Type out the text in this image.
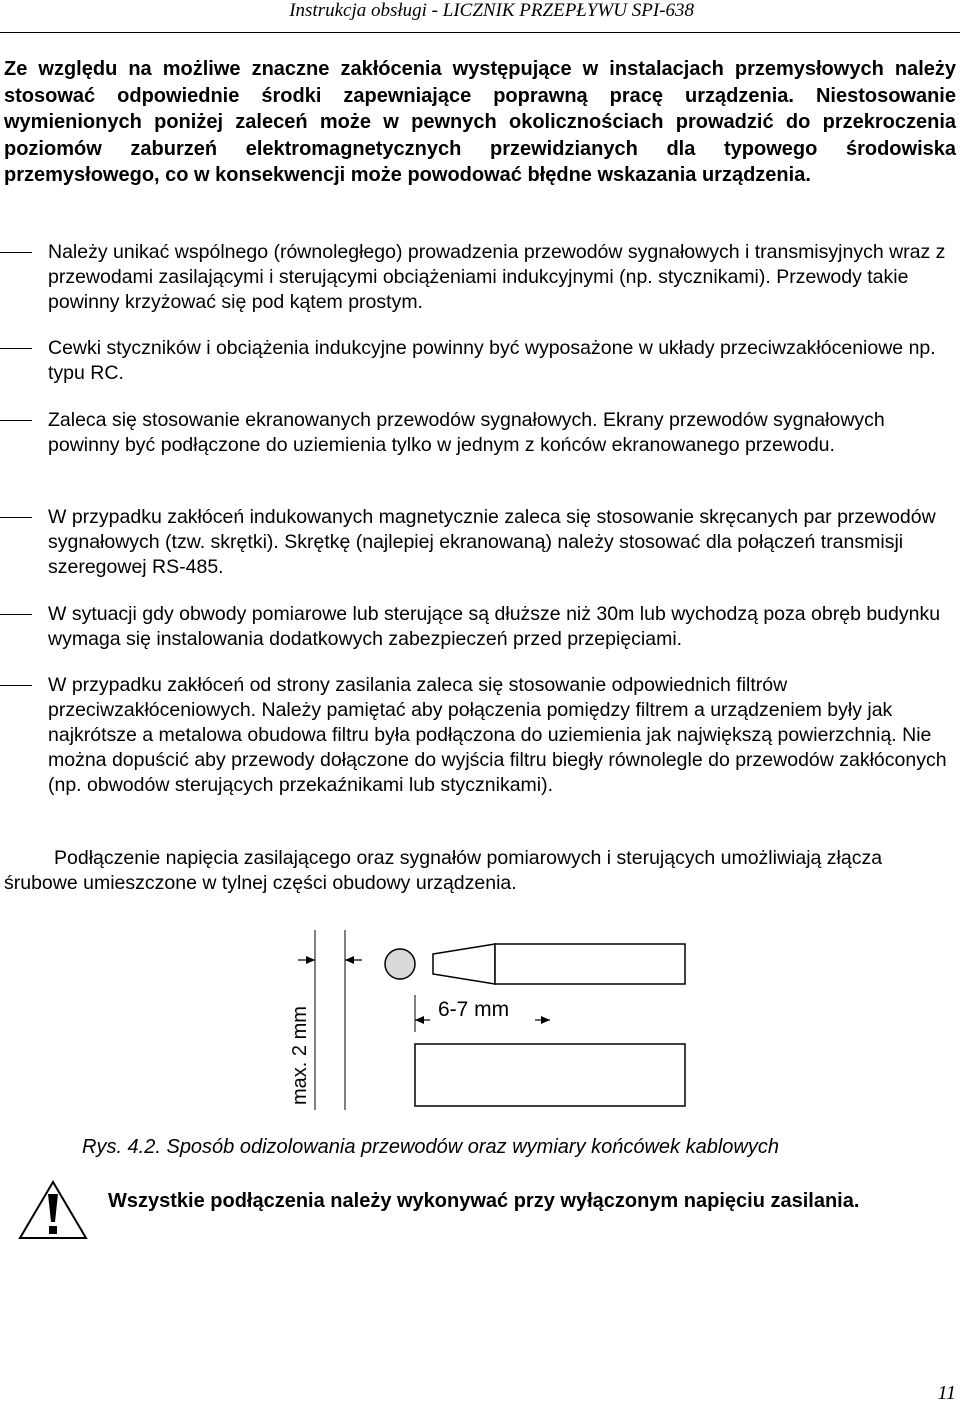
Instrukcja obsługi - LICZNIK PRZEPŁYWU SPI-638

Ze względu na możliwe znaczne zakłócenia występujące w instalacjach przemysłowych należy stosować odpowiednie środki zapewniające poprawną pracę urządzenia. Niestosowanie wymienionych poniżej zaleceń może w pewnych okolicznościach prowadzić do przekroczenia poziomów zaburzeń elektromagnetycznych przewidzianych dla typowego środowiska przemysłowego, co w konsekwencji może powodować błędne wskazania urządzenia.

Należy unikać wspólnego (równoległego) prowadzenia przewodów sygnałowych i transmisyjnych wraz z przewodami zasilającymi i sterującymi obciążeniami indukcyjnymi (np. stycznikami). Przewody takie powinny krzyżować się pod kątem prostym.

Cewki styczników i obciążenia indukcyjne powinny być wyposażone w układy przeciwzakłóceniowe np. typu RC.

Zaleca się stosowanie ekranowanych przewodów sygnałowych. Ekrany przewodów sygnałowych powinny być podłączone do uziemienia tylko w jednym z końców ekranowanego przewodu.

W przypadku zakłóceń indukowanych magnetycznie zaleca się stosowanie skręcanych par przewodów sygnałowych (tzw. skrętki). Skrętkę (najlepiej ekranowaną) należy stosować dla połączeń transmisji szeregowej RS-485.

W sytuacji gdy obwody pomiarowe lub sterujące są dłuższe niż 30m lub wychodzą poza obręb budynku wymaga się instalowania dodatkowych zabezpieczeń przed przepięciami.

W przypadku zakłóceń od strony zasilania zaleca się stosowanie odpowiednich filtrów przeciwzakłóceniowych. Należy pamiętać aby połączenia pomiędzy filtrem a urządzeniem były jak najkrótsze a metalowa obudowa filtru była podłączona do uziemienia jak największą powierzchnią. Nie można dopuścić aby przewody dołączone do wyjścia filtru biegły równolegle do przewodów zakłóconych (np. obwodów sterujących przekaźnikami lub stycznikami).

Podłączenie napięcia zasilającego oraz sygnałów pomiarowych i sterujących umożliwiają złącza śrubowe umieszczone w tylnej części obudowy urządzenia.

max. 2 mm	6-7 mm

Rys. 4.2. Sposób odizolowania przewodów oraz wymiary końcówek kablowych

Wszystkie podłączenia należy wykonywać przy wyłączonym napięciu zasilania.

11
